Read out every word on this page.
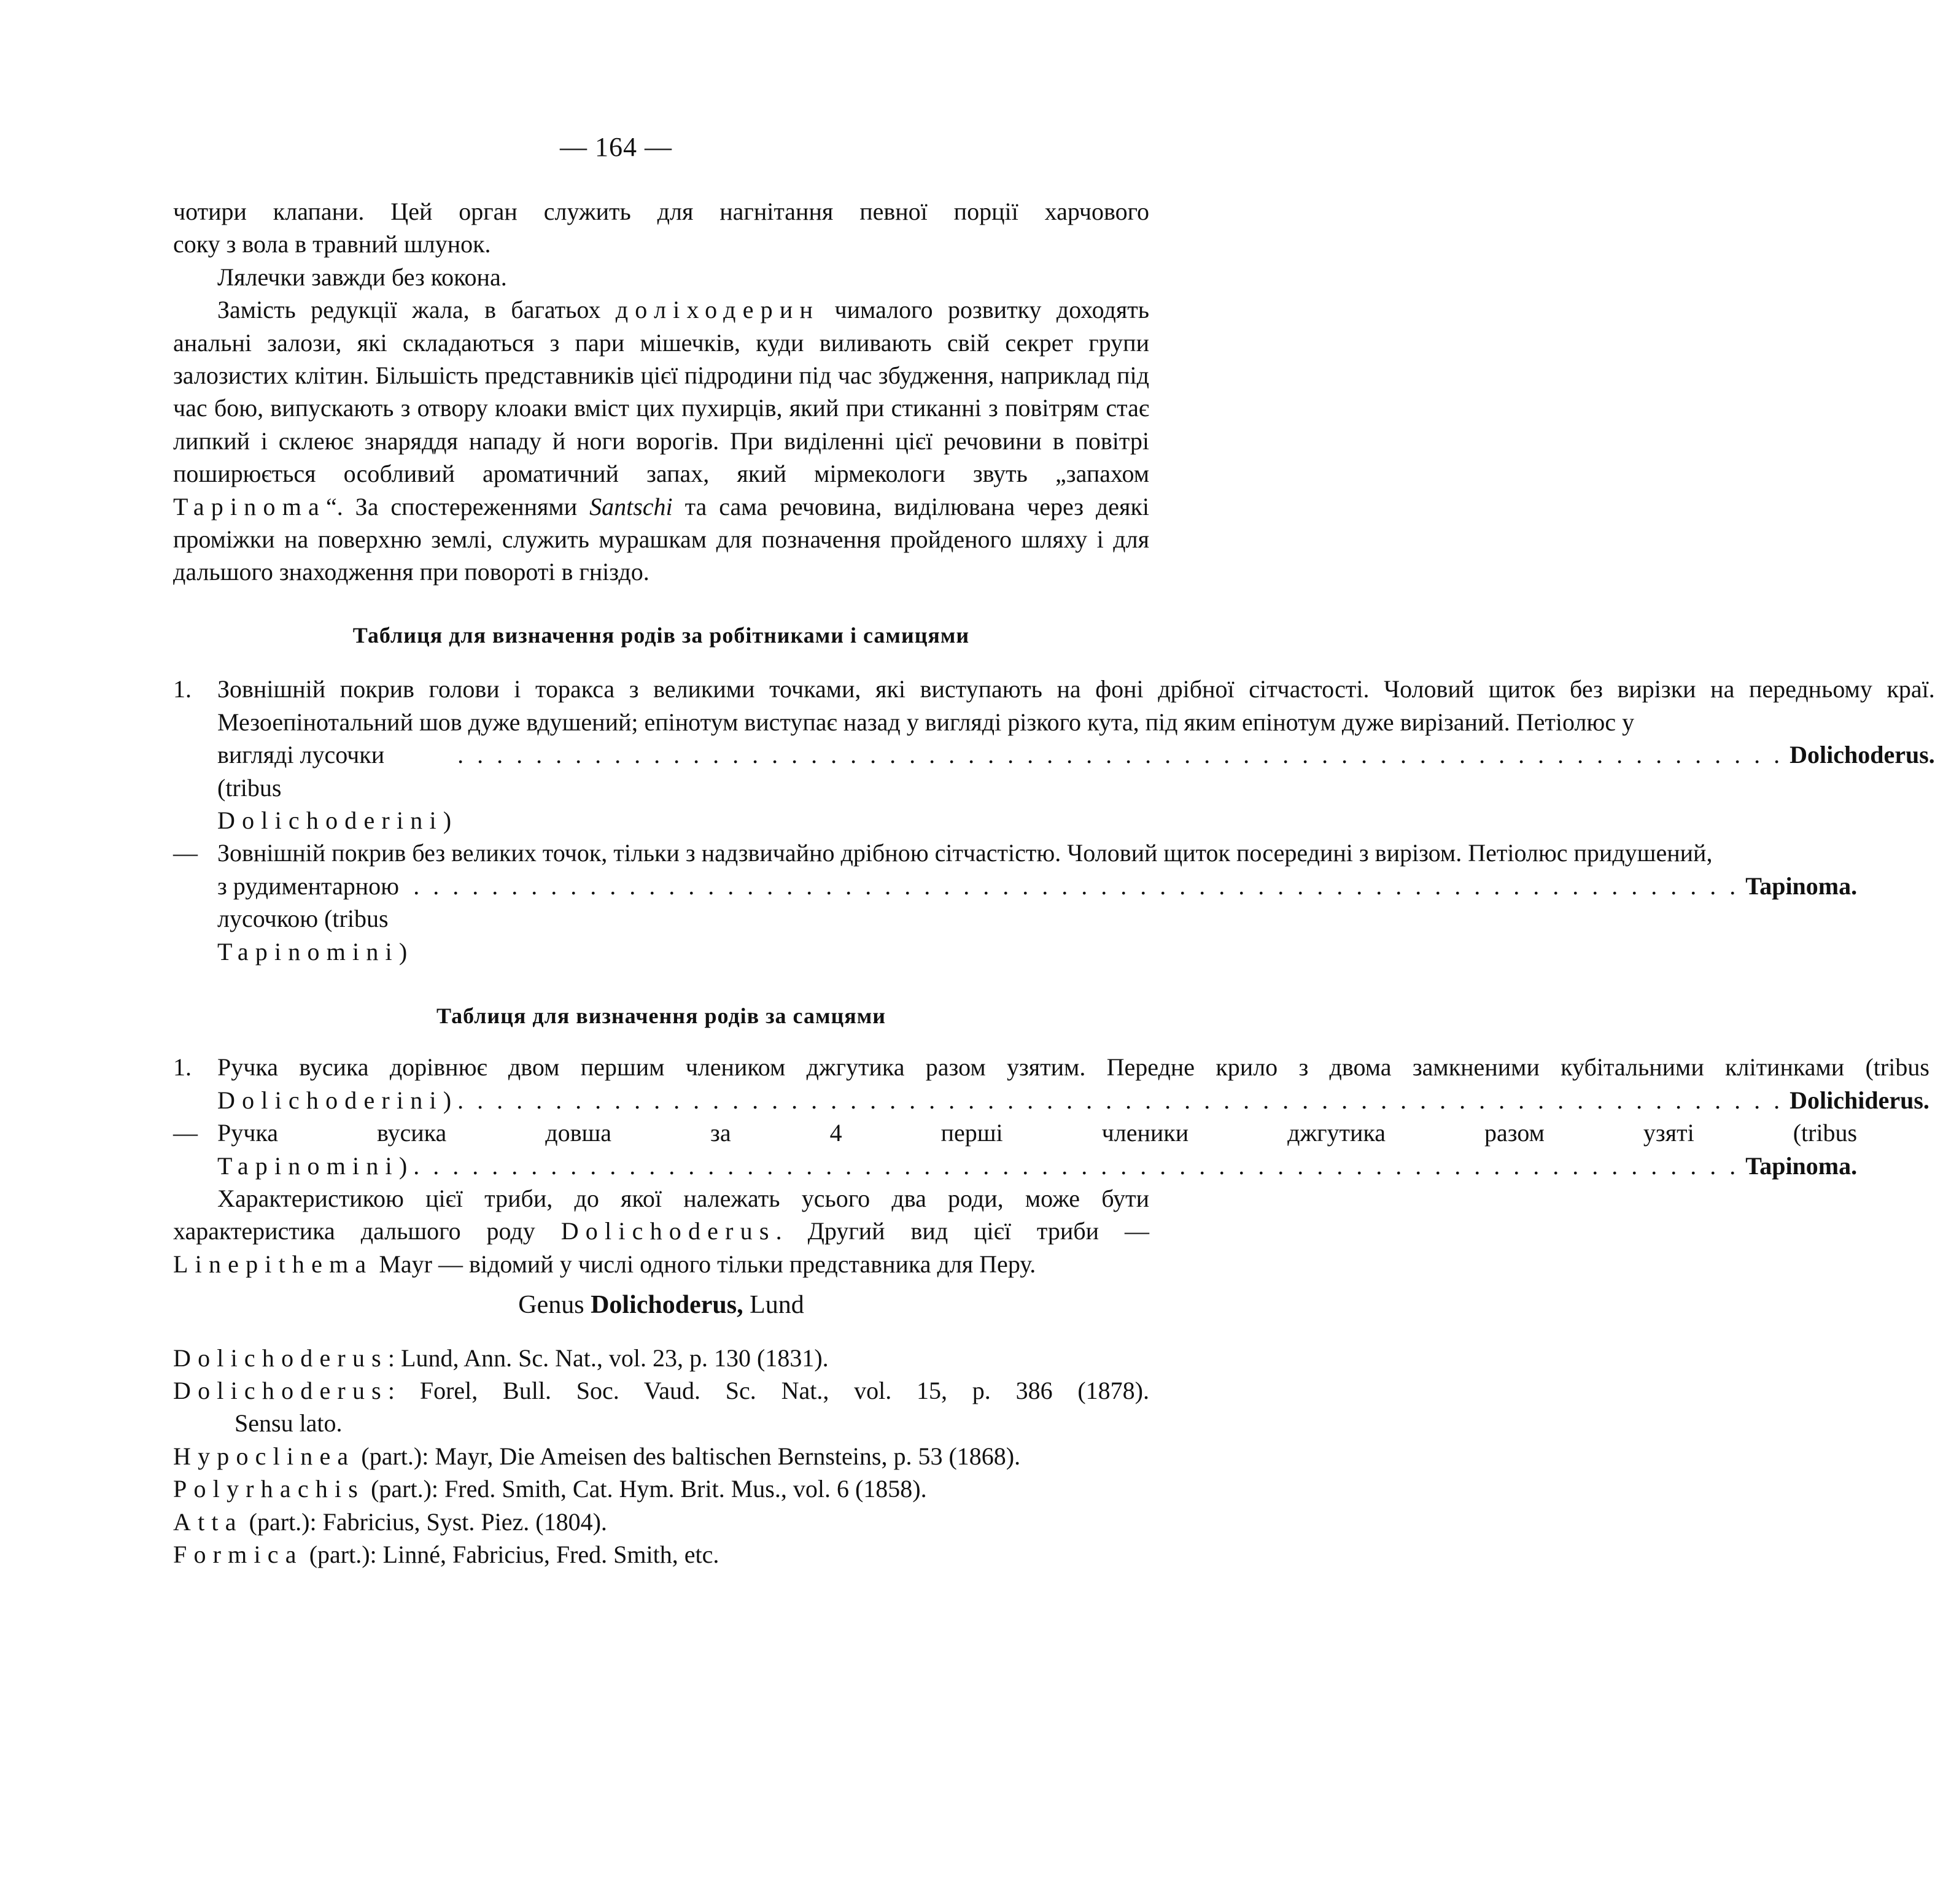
— 164 —

чотири клапани. Цей орган служить для нагнітання певної порції харчового

соку з вола в травний шлунок.

Лялечки завжди без кокона.

Замість редукції жала, в багатьох доліходерин чималого розвитку доходять анальні залози, які складаються з пари мішечків, куди виливають свій секрет групи залозистих клітин. Більшість представників цієї підродини під час збудження, наприклад під час бою, випускають з отвору клоаки вміст цих пухирців, який при стиканні з повітрям стає липкий і склеює знаряддя нападу й ноги ворогів. При виділенні цієї речовини в повітрі поширюється особливий ароматичний запах, який мірмекологи звуть „запахом Tapinoma“. За спостереженнями Santschi та сама речовина, виділювана через деякі проміжки на поверхню землі, служить мурашкам для позначення пройденого шляху і для дальшого знаходження при повороті в гніздо.

Таблиця для визначення родів за робітниками і самицями
1.	Зовнішній покрив голови і торакса з великими точками, які виступають на фоні дрібної сітчастості. Чоловий щиток без вирізки на передньому краї. Мезоепінотальний шов дуже вдушений; епінотум виступає назад у вигляді різкого кута, під яким епінотум дуже вирізаний. Петіолюс у

вигляді лусочки (tribus Dolichoderini)
. . .
Dolichoderus.
— Зовнішній покрив без великих точок, тільки з надзвичайно дрібною сітчастістю. Чоловий щиток посередині з вирізом. Петіолюс придушений,

з рудиментарною лусочкою (tribus Tapinomini)
. . .
Tapinoma.
Таблиця для визначення родів за самцями
1.	Ручка вусика дорівнює двом першим члеником джгутика разом узятим. Передне крило з двома замкненими кубітальними клітинками (tribus

Dolichoderini) . . .	Dolichiderus.
— Ручка вусика довша за 4 перші членики джгутика разом узяті (tribus

Tapinomini) . . .	Tapinoma.

Характеристикою цієї триби, до якої належать усього два роди, може бути характеристика дальшого роду Dolichoderus. Другий вид цієї триби — Linepithema Mayr — відомий у числі одного тільки представника для Перу.

Genus Dolichoderus, Lund

Dolichoderus: Lund, Ann. Sc. Nat., vol. 23, p. 130 (1831).

Dolichoderus: Forel, Bull. Soc. Vaud. Sc. Nat., vol. 15, p. 386 (1878).

Sensu lato.

Hypoclinea (part.): Mayr, Die Ameisen des baltischen Bernsteins, p. 53 (1868).

Polyrhachis (part.): Fred. Smith, Cat. Hym. Brit. Mus., vol. 6 (1858).

Atta (part.): Fabricius, Syst. Piez. (1804).

Formica (part.): Linné, Fabricius, Fred. Smith, etc.
